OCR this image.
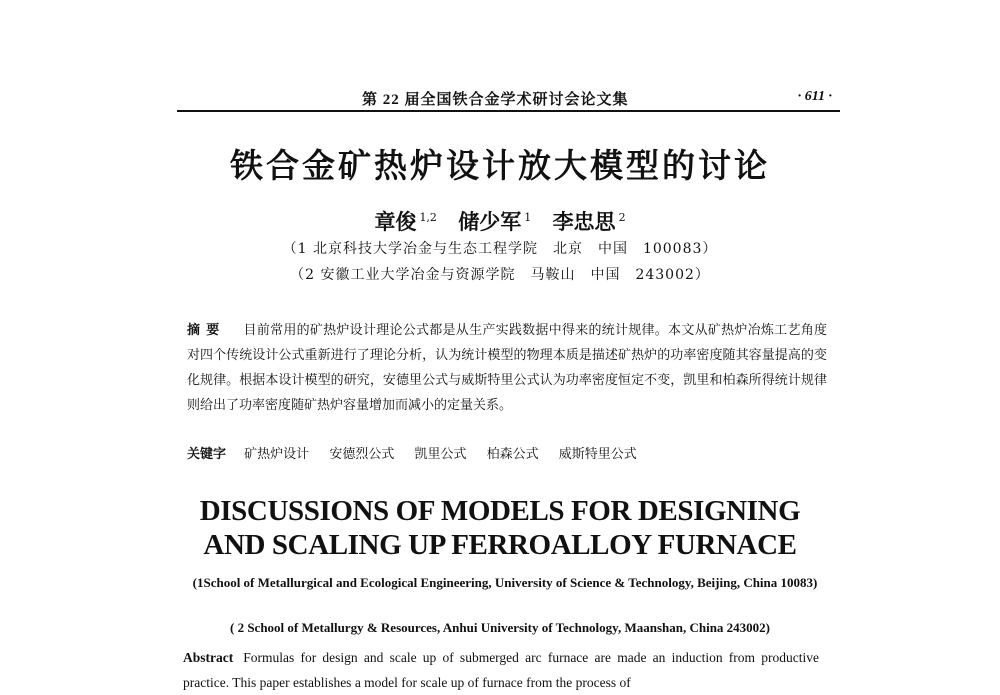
第 22 届全国铁合金学术研讨会论文集	· 611 ·
铁合金矿热炉设计放大模型的讨论
章俊 $^{1,2}$ 储少军 $^1$ 李忠思 $^2$
（1 北京科技大学冶金与生态工程学院　北京　中国　100083）
（2 安徽工业大学冶金与资源学院　马鞍山　中国　243002）
摘要 目前常用的矿热炉设计理论公式都是从生产实践数据中得来的统计规律。本文从矿热炉冶炼工艺角度对四个传统设计公式重新进行了理论分析，认为统计模型的物理本质是描述矿热炉的功率密度随其容量提高的变化规律。根据本设计模型的研究，安德里公式与威斯特里公式认为功率密度恒定不变，凯里和柏森所得统计规律则给出了功率密度随矿热炉容量增加而减小的定量关系。
关键字 矿热炉设计 安德烈公式 凯里公式 柏森公式 威斯特里公式
DISCUSSIONS OF MODELS FOR DESIGNING
AND SCALING UP FERROALLOY FURNACE
(1School of Metallurgical and Ecological Engineering, University of Science & Technology, Beijing, China 10083)
( 2 School of Metallurgy & Resources, Anhui University of Technology, Maanshan, China 243002)
Abstract Formulas for design and scale up of submerged arc furnace are made an induction from productive practice. This paper establishes a model for scale up of furnace from the process of
